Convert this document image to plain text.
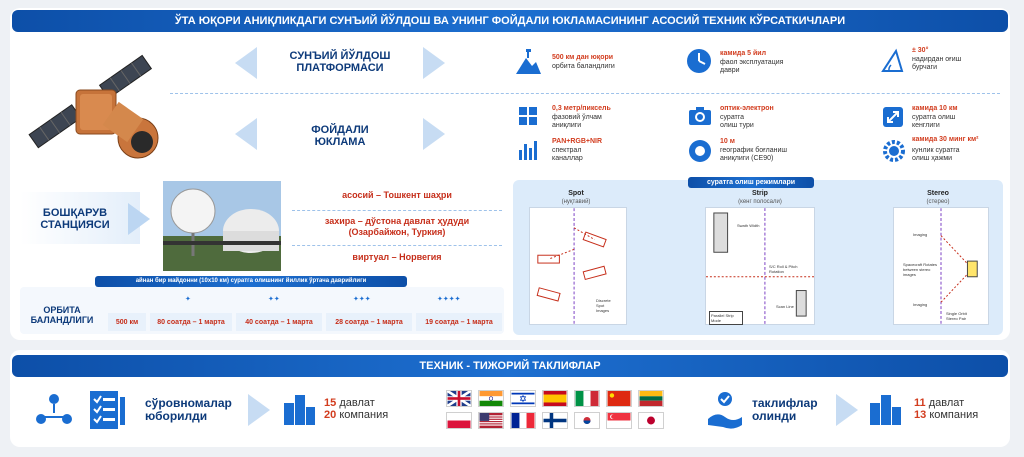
ЎТА ЮҚОРИ АНИҚЛИКДАГИ СУНЪИЙ ЙЎЛДОШ ВА УНИНГ ФОЙДАЛИ ЮКЛАМАСИНИНГ АСОСИЙ ТЕХНИК КЎРСАТКИЧЛАРИ
СУНЪИЙ ЙЎЛДОШ
ПЛАТФОРМАСИ
500 км дан юқори
орбита баландлиги
камида 5 йил
фаол эксплуатация
даври
± 30°
надирдан оғиш
бурчаги
ФОЙДАЛИ
ЮКЛАМА
0,3 метр/пиксель
фазовий ўлчам
аниқлиги
оптик-электрон
суратга
олиш тури
камида 10 км
суратга олиш
кенглиги
PAN+RGB+NIR
спектрал
каналлар
10 м
географик боғланиш
аниқлиги (CE90)
камида 30 минг км²
кунлик суратга
олиш ҳажми
БОШҚАРУВ
СТАНЦИЯСИ
асосий – Тошкент шаҳри
захира – дўстона давлат ҳудуди
(Озарбайжон, Туркия)
виртуал – Норвегия
айнан бир майдонни (10x10 км) суратга олишнинг йиллик ўртача даврийлиги
ОРБИТА
БАЛАНДЛИГИ	500 км	80 соатда – 1 марта	40 соатда – 1 марта	28 соатда – 1 марта	19 соатда – 1 марта
✦	✦✦	✦✦✦	✦✦✦✦
суратга олиш режимлари
Spot
(нуқтавий)
Discrete
Spot
Images
Strip
(кенг полосали)
Swath Width
S/C Roll & Pitch Rotation
Scan Line
Parallel Strip Mode
Stereo
(стерео)
Imaging
Spacecraft Rotates between stereo images
Imaging
Single Orbit
Stereo Pair
ТЕХНИК - ТИЖОРИЙ ТАКЛИФЛАР
сўровномалар
юборилди
15 давлат
20 компания
таклифлар
олинди
11 давлат
13 компания
